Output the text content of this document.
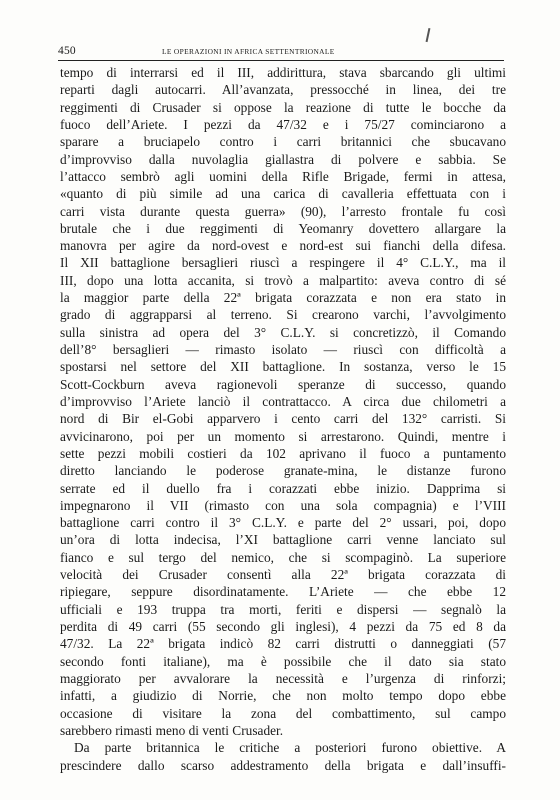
450	LE OPERAZIONI IN AFRICA SETTENTRIONALE
tempo di interrarsi ed il III, addirittura, stava sbarcando gli ultimi
reparti dagli autocarri. All’avanzata, pressocché in linea, dei tre
reggimenti di Crusader si oppose la reazione di tutte le bocche da
fuoco dell’Ariete. I pezzi da 47/32 e i 75/27 cominciarono a
sparare a bruciapelo contro i carri britannici che sbucavano
d’improvviso dalla nuvolaglia giallastra di polvere e sabbia. Se
l’attacco sembrò agli uomini della Rifle Brigade, fermi in attesa,
«quanto di più simile ad una carica di cavalleria effettuata con i
carri vista durante questa guerra» (90), l’arresto frontale fu così
brutale che i due reggimenti di Yeomanry dovettero allargare la
manovra per agire da nord-ovest e nord-est sui fianchi della difesa.
Il XII battaglione bersaglieri riuscì a respingere il 4° C.L.Y., ma il
III, dopo una lotta accanita, si trovò a malpartito: aveva contro di sé
la maggior parte della 22ª brigata corazzata e non era stato in
grado di aggrapparsi al terreno. Si crearono varchi, l’avvolgimento
sulla sinistra ad opera del 3° C.L.Y. si concretizzò, il Comando
dell’8° bersaglieri — rimasto isolato — riuscì con difficoltà a
spostarsi nel settore del XII battaglione. In sostanza, verso le 15
Scott-Cockburn aveva ragionevoli speranze di successo, quando
d’improvviso l’Ariete lanciò il contrattacco. A circa due chilometri a
nord di Bir el-Gobi apparvero i cento carri del 132° carristi. Si
avvicinarono, poi per un momento si arrestarono. Quindi, mentre i
sette pezzi mobili costieri da 102 aprivano il fuoco a puntamento
diretto lanciando le poderose granate-mina, le distanze furono
serrate ed il duello fra i corazzati ebbe inizio. Dapprima si
impegnarono il VII (rimasto con una sola compagnia) e l’VIII
battaglione carri contro il 3° C.L.Y. e parte del 2° ussari, poi, dopo
un’ora di lotta indecisa, l’XI battaglione carri venne lanciato sul
fianco e sul tergo del nemico, che si scompaginò. La superiore
velocità dei Crusader consentì alla 22ª brigata corazzata di
ripiegare, seppure disordinatamente. L’Ariete — che ebbe 12
ufficiali e 193 truppa tra morti, feriti e dispersi — segnalò la
perdita di 49 carri (55 secondo gli inglesi), 4 pezzi da 75 ed 8 da
47/32. La 22ª brigata indicò 82 carri distrutti o danneggiati (57
secondo fonti italiane), ma è possibile che il dato sia stato
maggiorato per avvalorare la necessità e l’urgenza di rinforzi;
infatti, a giudizio di Norrie, che non molto tempo dopo ebbe
occasione di visitare la zona del combattimento, sul campo
sarebbero rimasti meno di venti Crusader.
Da parte britannica le critiche a posteriori furono obiettive. A
prescindere dallo scarso addestramento della brigata e dall’insuffi-
